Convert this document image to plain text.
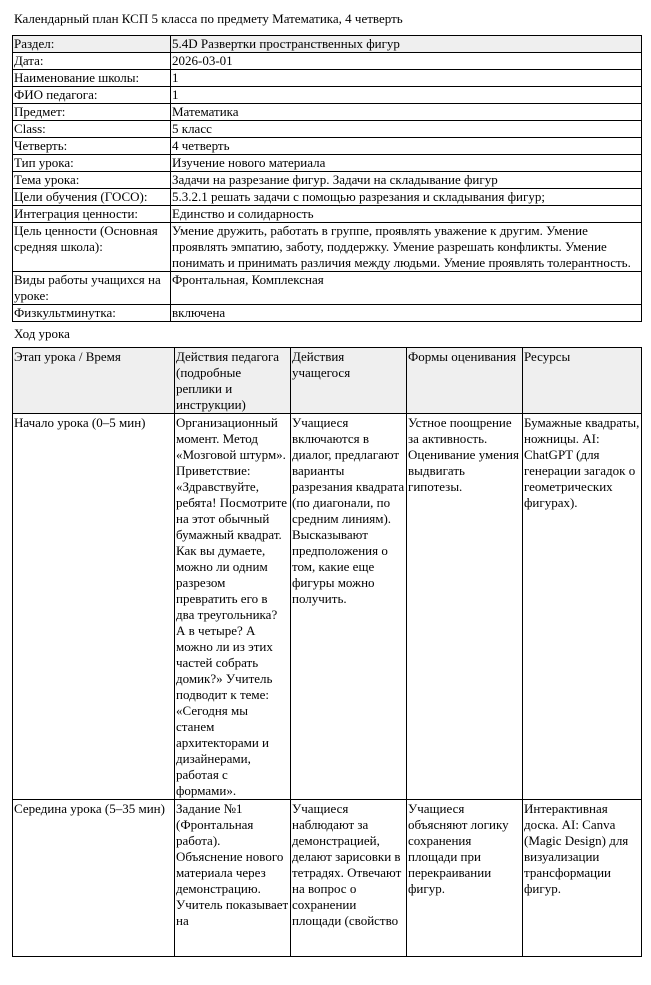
Календарный план КСП 5 класса по предмету Математика, 4 четверть
Раздел:	5.4D Развертки пространственных фигур
Дата:	2026-03-01
Наименование школы:	1
ФИО педагога:	1
Предмет:	Математика
Class:	5 класс
Четверть:	4 четверть
Тип урока:	Изучение нового материала
Тема урока:	Задачи на разрезание фигур. Задачи на складывание фигур
Цели обучения (ГОСО):	5.3.2.1 решать задачи с помощью разрезания и складывания фигур;
Интеграция ценности:	Единство и солидарность
Цель ценности (Основная средняя школа):	Умение дружить, работать в группе, проявлять уважение к другим. Умение проявлять эмпатию, заботу, поддержку. Умение разрешать конфликты. Умение понимать и принимать различия между людьми. Умение проявлять толерантность.
Виды работы учащихся на уроке:	Фронтальная, Комплексная
Физкультминутка:	включена
Ход урока
Этап урока / Время	Действия педагога (подробные реплики и инструкции)	Действия учащегося	Формы оценивания	Ресурсы
Начало урока (0–5 мин)	Организационный момент. Метод «Мозговой штурм». Приветствие: «Здравствуйте, ребята! Посмотрите на этот обычный бумажный квадрат. Как вы думаете, можно ли одним разрезом превратить его в два треугольника? А в четыре? А можно ли из этих частей собрать домик?» Учитель подводит к теме: «Сегодня мы станем архитекторами и дизайнерами, работая с формами».	Учащиеся включаются в диалог, предлагают варианты разрезания квадрата (по диагонали, по средним линиям). Высказывают предположения о том, какие еще фигуры можно получить.	Устное поощрение за активность. Оценивание умения выдвигать гипотезы.	Бумажные квадраты, ножницы. AI: ChatGPT (для генерации загадок о геометрических фигурах).
Середина урока (5–35 мин)	Задание №1 (Фронтальная работа). Объяснение нового материала через демонстрацию. Учитель показывает на	Учащиеся наблюдают за демонстрацией, делают зарисовки в тетрадях. Отвечают на вопрос о сохранении площади (свойство	Учащиеся объясняют логику сохранения площади при перекраивании фигур.	Интерактивная доска. AI: Canva (Magic Design) для визуализации трансформации фигур.
